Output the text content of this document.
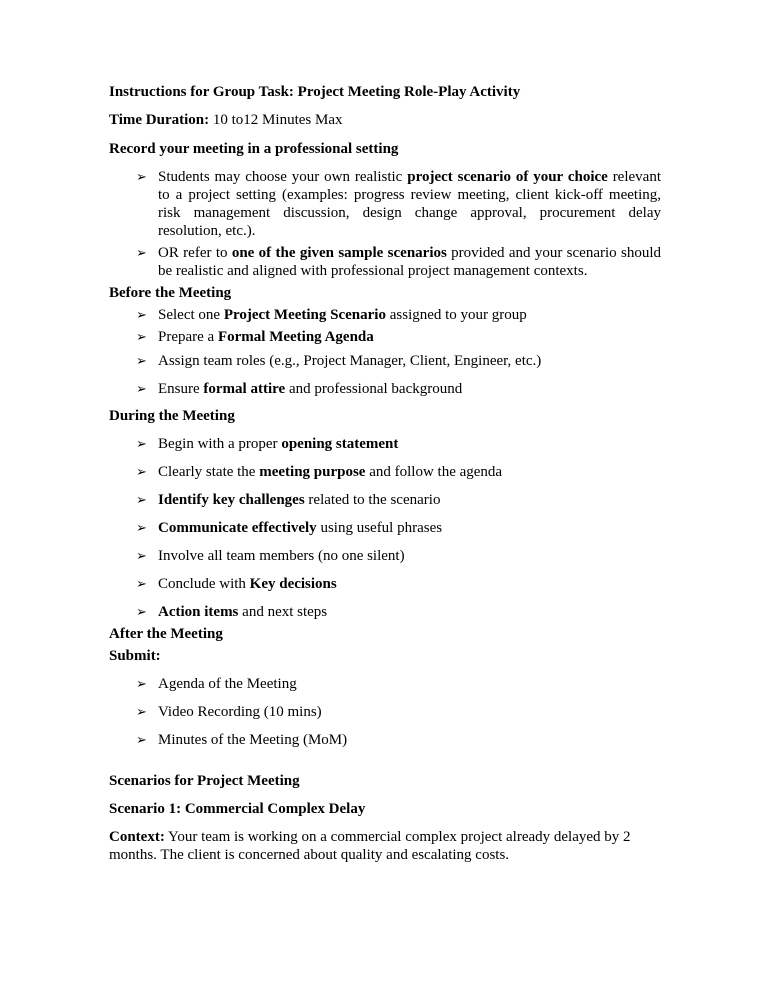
Instructions for Group Task: Project Meeting Role-Play Activity
Time Duration: 10 to12 Minutes Max
Record your meeting in a professional setting
➢ Students may choose your own realistic project scenario of your choice relevant to a project setting (examples: progress review meeting, client kick-off meeting, risk management discussion, design change approval, procurement delay resolution, etc.).
➢ OR refer to one of the given sample scenarios provided and your scenario should be realistic and aligned with professional project management contexts.
Before the Meeting
➢ Select one Project Meeting Scenario assigned to your group
➢ Prepare a Formal Meeting Agenda
➢ Assign team roles (e.g., Project Manager, Client, Engineer, etc.)
➢ Ensure formal attire and professional background
During the Meeting
➢ Begin with a proper opening statement
➢ Clearly state the meeting purpose and follow the agenda
➢ Identify key challenges related to the scenario
➢ Communicate effectively using useful phrases
➢ Involve all team members (no one silent)
➢ Conclude with Key decisions
➢ Action items and next steps
After the Meeting
Submit:
➢ Agenda of the Meeting
➢ Video Recording (10 mins)
➢ Minutes of the Meeting (MoM)
Scenarios for Project Meeting
Scenario 1: Commercial Complex Delay
Context: Your team is working on a commercial complex project already delayed by 2 months. The client is concerned about quality and escalating costs.
